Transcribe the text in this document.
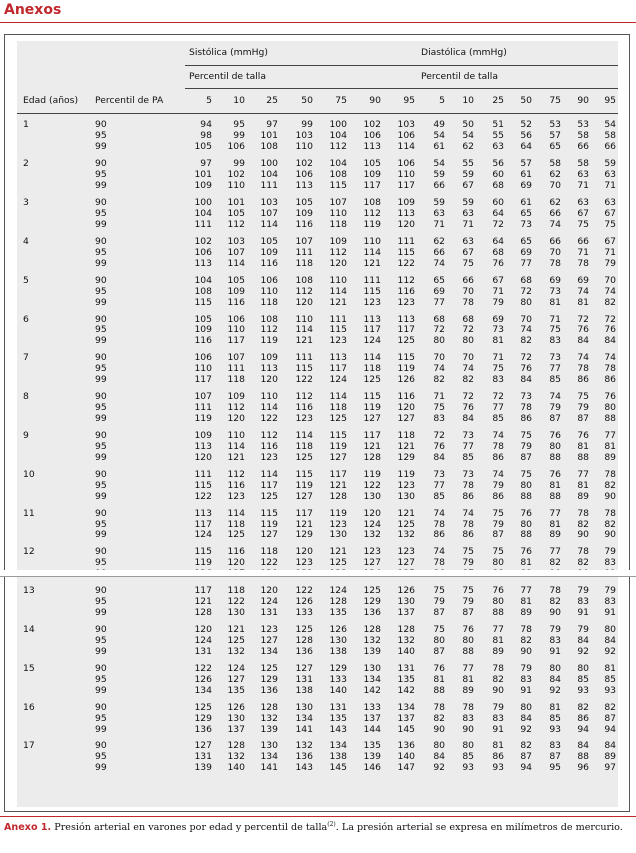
Anexos
	Sistólica (mmHg)							Diastólica (mmHg)						
	Percentil de talla							Percentil de talla						
Edad (años) Percentil de PA	5	10	25	50	75	90	95	5	10	25	50	75	90	95

1 90	94	95	97	99	100	102	103	49	50	51	52	53	53	54

95	98	99	101	103	104	106	106	54	54	55	56	57	58	58

99	105	106	108	110	112	113	114	61	62	63	64	65	66	66

2 90	97	99	100	102	104	105	106	54	55	56	57	58	58	59

95	101	102	104	106	108	109	110	59	59	60	61	62	63	63

99	109	110	111	113	115	117	117	66	67	68	69	70	71	71

3 90	100	101	103	105	107	108	109	59	59	60	61	62	63	63

95	104	105	107	109	110	112	113	63	63	64	65	66	67	67

99	111	112	114	116	118	119	120	71	71	72	73	74	75	75

4 90	102	103	105	107	109	110	111	62	63	64	65	66	66	67

95	106	107	109	111	112	114	115	66	67	68	69	70	71	71

99	113	114	116	118	120	121	122	74	75	76	77	78	78	79

5 90	104	105	106	108	110	111	112	65	66	67	68	69	69	70

95	108	109	110	112	114	115	116	69	70	71	72	73	74	74

99	115	116	118	120	121	123	123	77	78	79	80	81	81	82

6 90	105	106	108	110	111	113	113	68	68	69	70	71	72	72

95	109	110	112	114	115	117	117	72	72	73	74	75	76	76

99	116	117	119	121	123	124	125	80	80	81	82	83	84	84

7 90	106	107	109	111	113	114	115	70	70	71	72	73	74	74

95	110	111	113	115	117	118	119	74	74	75	76	77	78	78

99	117	118	120	122	124	125	126	82	82	83	84	85	86	86

8 90	107	109	110	112	114	115	116	71	72	72	73	74	75	76

95	111	112	114	116	118	119	120	75	76	77	78	79	79	80

99	119	120	122	123	125	127	127	83	84	85	86	87	87	88

9 90	109	110	112	114	115	117	118	72	73	74	75	76	76	77

95	113	114	116	118	119	121	121	76	77	78	79	80	81	81

99	120	121	123	125	127	128	129	84	85	86	87	88	88	89

10 90	111	112	114	115	117	119	119	73	73	74	75	76	77	78

95	115	116	117	119	121	122	123	77	78	79	80	81	81	82

99	122	123	125	127	128	130	130	85	86	86	88	88	89	90

11 90	113	114	115	117	119	120	121	74	74	75	76	77	78	78

95	117	118	119	121	123	124	125	78	78	79	80	81	82	82

99	124	125	127	129	130	132	132	86	86	87	88	89	90	90

12 90	115	116	118	120	121	123	123	74	75	75	76	77	78	79

95	119	120	122	123	125	127	127	78	79	80	81	82	82	83

13 90	117	118	120	122	124	125	126	75	75	76	77	78	79	79

95	121	122	124	126	128	129	130	79	79	80	81	82	83	83

99	128	130	131	133	135	136	137	87	87	88	89	90	91	91

14 90	120	121	123	125	126	128	128	75	76	77	78	79	79	80

95	124	125	127	128	130	132	132	80	80	81	82	83	84	84

99	131	132	134	136	138	139	140	87	88	89	90	91	92	92

15 90	122	124	125	127	129	130	131	76	77	78	79	80	80	81

95	126	127	129	131	133	134	135	81	81	82	83	84	85	85

99	134	135	136	138	140	142	142	88	89	90	91	92	93	93

16 90	125	126	128	130	131	133	134	78	78	79	80	81	82	82

95	129	130	132	134	135	137	137	82	83	83	84	85	86	87

99	136	137	139	141	143	144	145	90	90	91	92	93	94	94

17 90	127	128	130	132	134	135	136	80	80	81	82	83	84	84

95	131	132	134	136	138	139	140	84	85	86	87	87	88	89

99	139	140	141	143	145	146	147	92	93	93	94	95	96	97

Anexo 1. Presión arterial en varones por edad y percentil de talla$^{(2)}$. La presión arterial se expresa en milímetros de mercurio.
